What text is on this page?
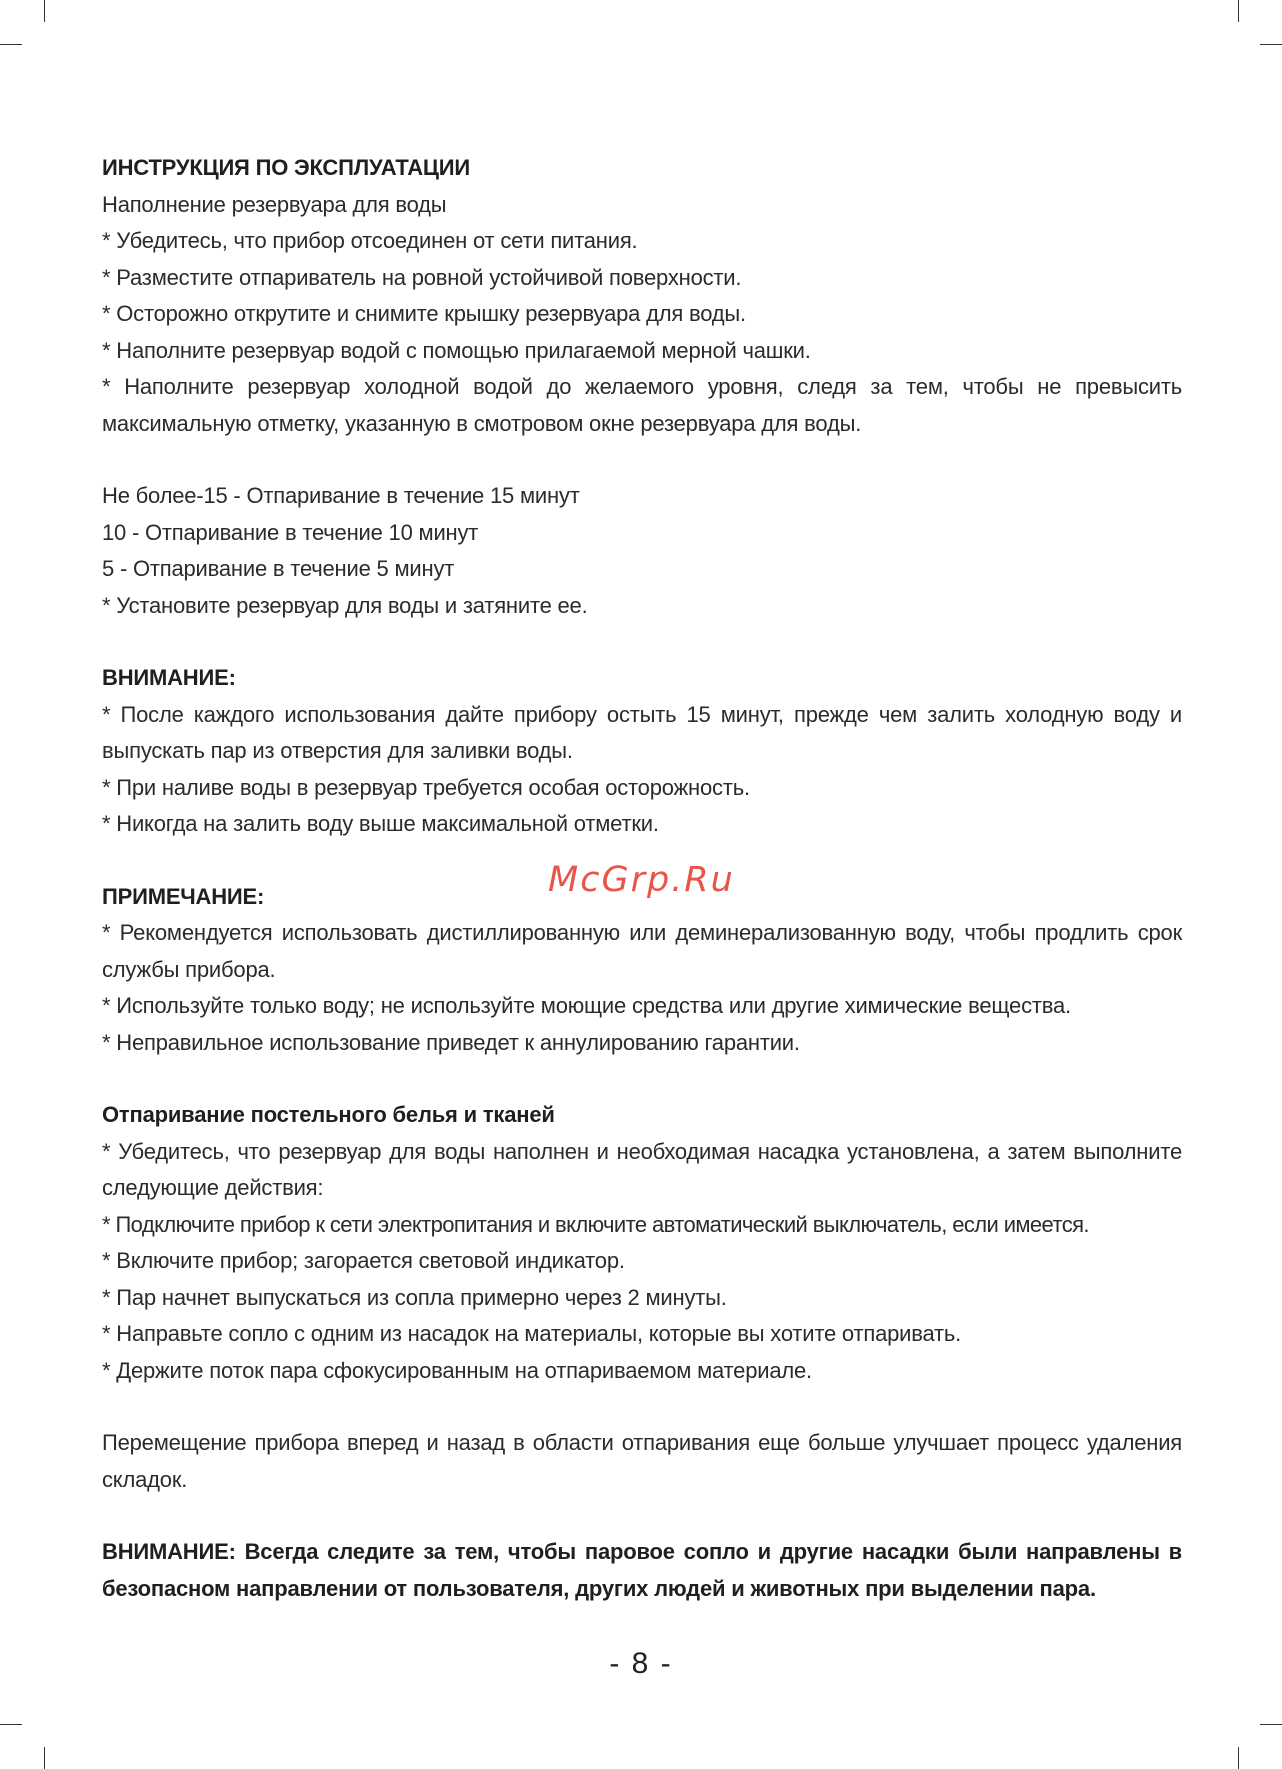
ИНСТРУКЦИЯ ПО ЭКСПЛУАТАЦИИ
Наполнение резервуара для воды
* Убедитесь, что прибор отсоединен от сети питания.
* Разместите отпариватель на ровной устойчивой поверхности.
* Осторожно открутите и снимите крышку резервуара для воды.
* Наполните резервуар водой с помощью прилагаемой мерной чашки.
* Наполните резервуар холодной водой до желаемого уровня, следя за тем, чтобы не превысить максимальную отметку, указанную в смотровом окне резервуара для воды.
Не более-15 - Отпаривание в течение 15 минут
10 - Отпаривание в течение 10 минут
5 - Отпаривание в течение 5 минут
* Установите резервуар для воды и затяните ее.
ВНИМАНИЕ:
* После каждого использования дайте прибору остыть 15 минут, прежде чем залить холодную воду и выпускать пар из отверстия для заливки воды.
* При наливе воды в резервуар требуется особая осторожность.
* Никогда на залить воду выше максимальной отметки.
ПРИМЕЧАНИЕ:
* Рекомендуется использовать дистиллированную или деминерализованную воду, чтобы продлить срок службы прибора.
* Используйте только воду; не используйте моющие средства или другие химические вещества.
* Неправильное использование приведет к аннулированию гарантии.
Отпаривание постельного белья и тканей
* Убедитесь, что резервуар для воды наполнен и необходимая насадка установлена, а затем выполните следующие действия:
* Подключите прибор к сети электропитания и включите автоматический выключатель, если имеется.
* Включите прибор; загорается световой индикатор.
* Пар начнет выпускаться из сопла примерно через 2 минуты.
* Направьте сопло с одним из насадок на материалы, которые вы хотите отпаривать.
* Держите поток пара сфокусированным на отпариваемом материале.
Перемещение прибора вперед и назад в области отпаривания еще больше улучшает процесс удаления складок.
ВНИМАНИЕ: Всегда следите за тем, чтобы паровое сопло и другие насадки были направлены в безопасном направлении от пользователя, других людей и животных при выделении пара.
McGrp.Ru
- 8 -
